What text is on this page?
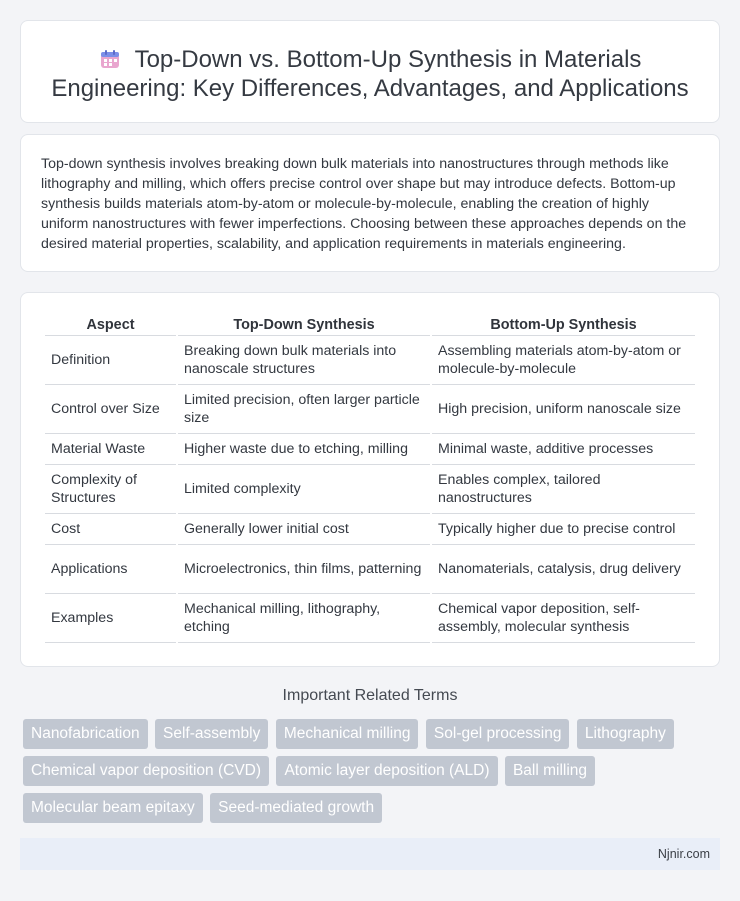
Top-Down vs. Bottom-Up Synthesis in Materials Engineering: Key Differences, Advantages, and Applications

Top-down synthesis involves breaking down bulk materials into nanostructures through methods like lithography and milling, which offers precise control over shape but may introduce defects. Bottom-up synthesis builds materials atom-by-atom or molecule-by-molecule, enabling the creation of highly uniform nanostructures with fewer imperfections. Choosing between these approaches depends on the desired material properties, scalability, and application requirements in materials engineering.

Aspect	Top-Down Synthesis	Bottom-Up Synthesis
Definition	Breaking down bulk materials into nanoscale structures	Assembling materials atom-by-atom or molecule-by-molecule
Control over Size	Limited precision, often larger particle size	High precision, uniform nanoscale size
Material Waste	Higher waste due to etching, milling	Minimal waste, additive processes
Complexity of Structures	Limited complexity	Enables complex, tailored nanostructures
Cost	Generally lower initial cost	Typically higher due to precise control
Applications	Microelectronics, thin films, patterning	Nanomaterials, catalysis, drug delivery
Examples	Mechanical milling, lithography, etching	Chemical vapor deposition, self-assembly, molecular synthesis
Important Related Terms
Nanofabrication Self-assembly Mechanical milling Sol-gel processing Lithography Chemical vapor deposition (CVD) Atomic layer deposition (ALD) Ball milling Molecular beam epitaxy Seed-mediated growth
Njnir.com
